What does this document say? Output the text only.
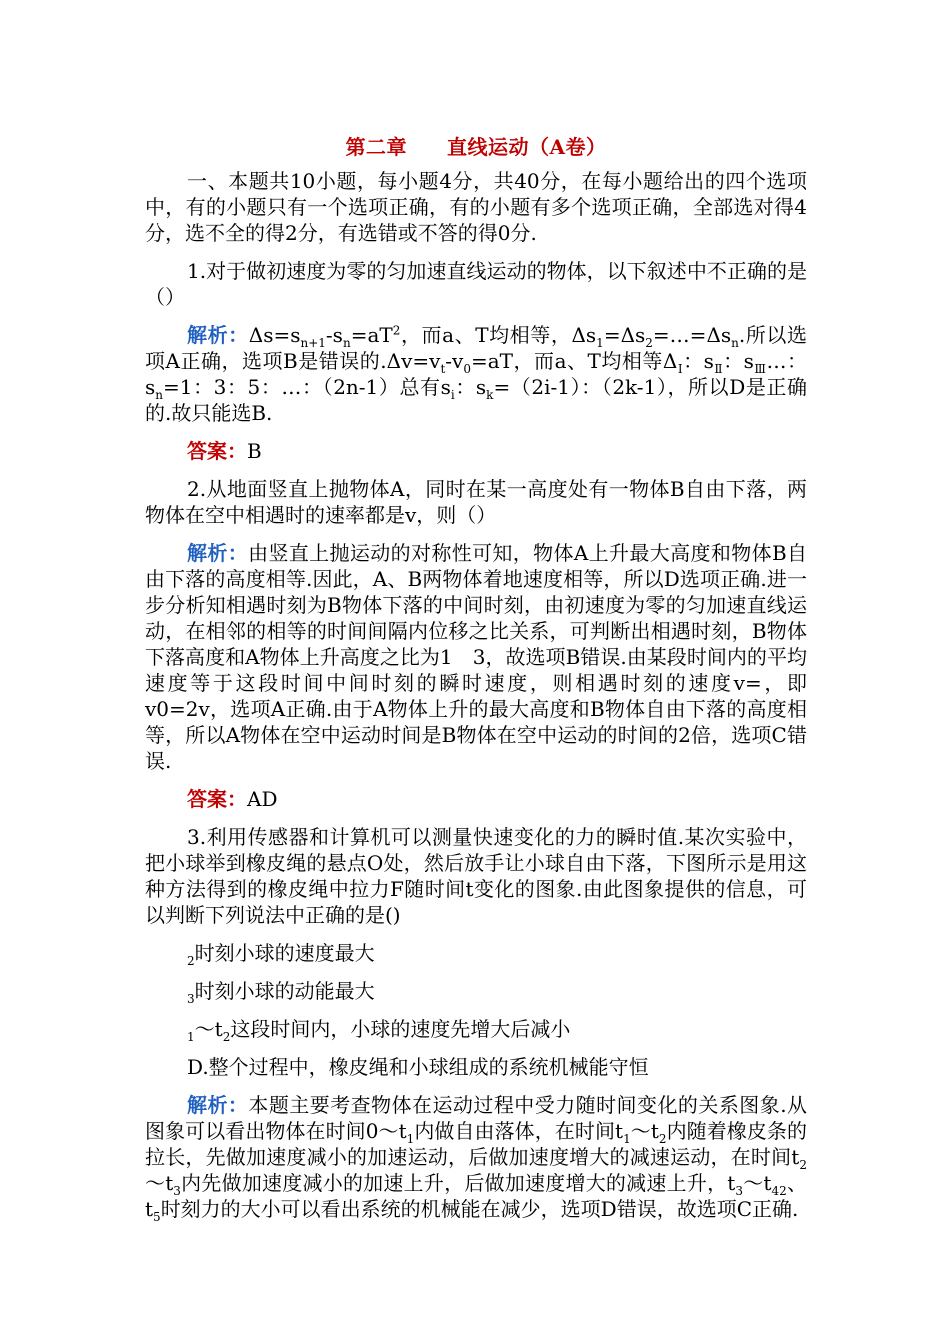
第二章 直线运动（A卷）

一、本题共10小题，每小题4分，共40分，在每小题给出的四个选项中，有的小题只有一个选项正确，有的小题有多个选项正确，全部选对得4分，选不全的得2分，有选错或不答的得0分.

1.对于做初速度为零的匀加速直线运动的物体，以下叙述中不正确的是（）

解析：$\Delta s=s_{n+1}-s_n=aT^2$，而a、T均相等，$\Delta s_1=\Delta s_2=\dots=\Delta s_n$.所以选项A正确，选项B是错误的$.\Delta v=v_t-v_0=aT$，而a、T均相等$\Delta_Ⅰ$：$s_Ⅱ$：$s_Ⅲ\dots$：$s_n=1$：3：5：…：（2n-1）总有$s_i$：$s_k=(2i-1)$：（2k-1），所以D是正确的.故只能选B.

答案：B

2.从地面竖直上抛物体A，同时在某一高度处有一物体B自由下落，两物体在空中相遇时的速率都是v，则（）

解析：由竖直上抛运动的对称性可知，物体A上升最大高度和物体B自由下落的高度相等.因此，A、B两物体着地速度相等，所以D选项正确.进一步分析知相遇时刻为B物体下落的中间时刻，由初速度为零的匀加速直线运动，在相邻的相等的时间间隔内位移之比关系，可判断出相遇时刻，B物体下落高度和A物体上升高度之比为1　3，故选项B错误.由某段时间内的平均速度等于这段时间中间时刻的瞬时速度，则相遇时刻的速度v=，即v0=2v，选项A正确.由于A物体上升的最大高度和B物体自由下落的高度相等，所以A物体在空中运动时间是B物体在空中运动的时间的2倍，选项C错误.

答案：AD

3.利用传感器和计算机可以测量快速变化的力的瞬时值.某次实验中，把小球举到橡皮绳的悬点O处，然后放手让小球自由下落，下图所示是用这种方法得到的橡皮绳中拉力F随时间t变化的图象.由此图象提供的信息，可以判断下列说法中正确的是()

$_2$时刻小球的速度最大

$_3$时刻小球的动能最大

$_1\sim t_2$这段时间内，小球的速度先增大后减小

D.整个过程中，橡皮绳和小球组成的系统机械能守恒

解析：本题主要考查物体在运动过程中受力随时间变化的关系图象.从图象可以看出物体在时间$0\sim t_1$内做自由落体，在时间$t_1\sim t_2$内随着橡皮条的拉长，先做加速度减小的加速运动，后做加速度增大的减速运动，在时间$t_2\sim t_3$内先做加速度减小的加速上升，后做加速度增大的减速上升，$t_3\sim t_{42}$、$t_5$时刻力的大小可以看出系统的机械能在减少，选项D错误，故选项C正确.
